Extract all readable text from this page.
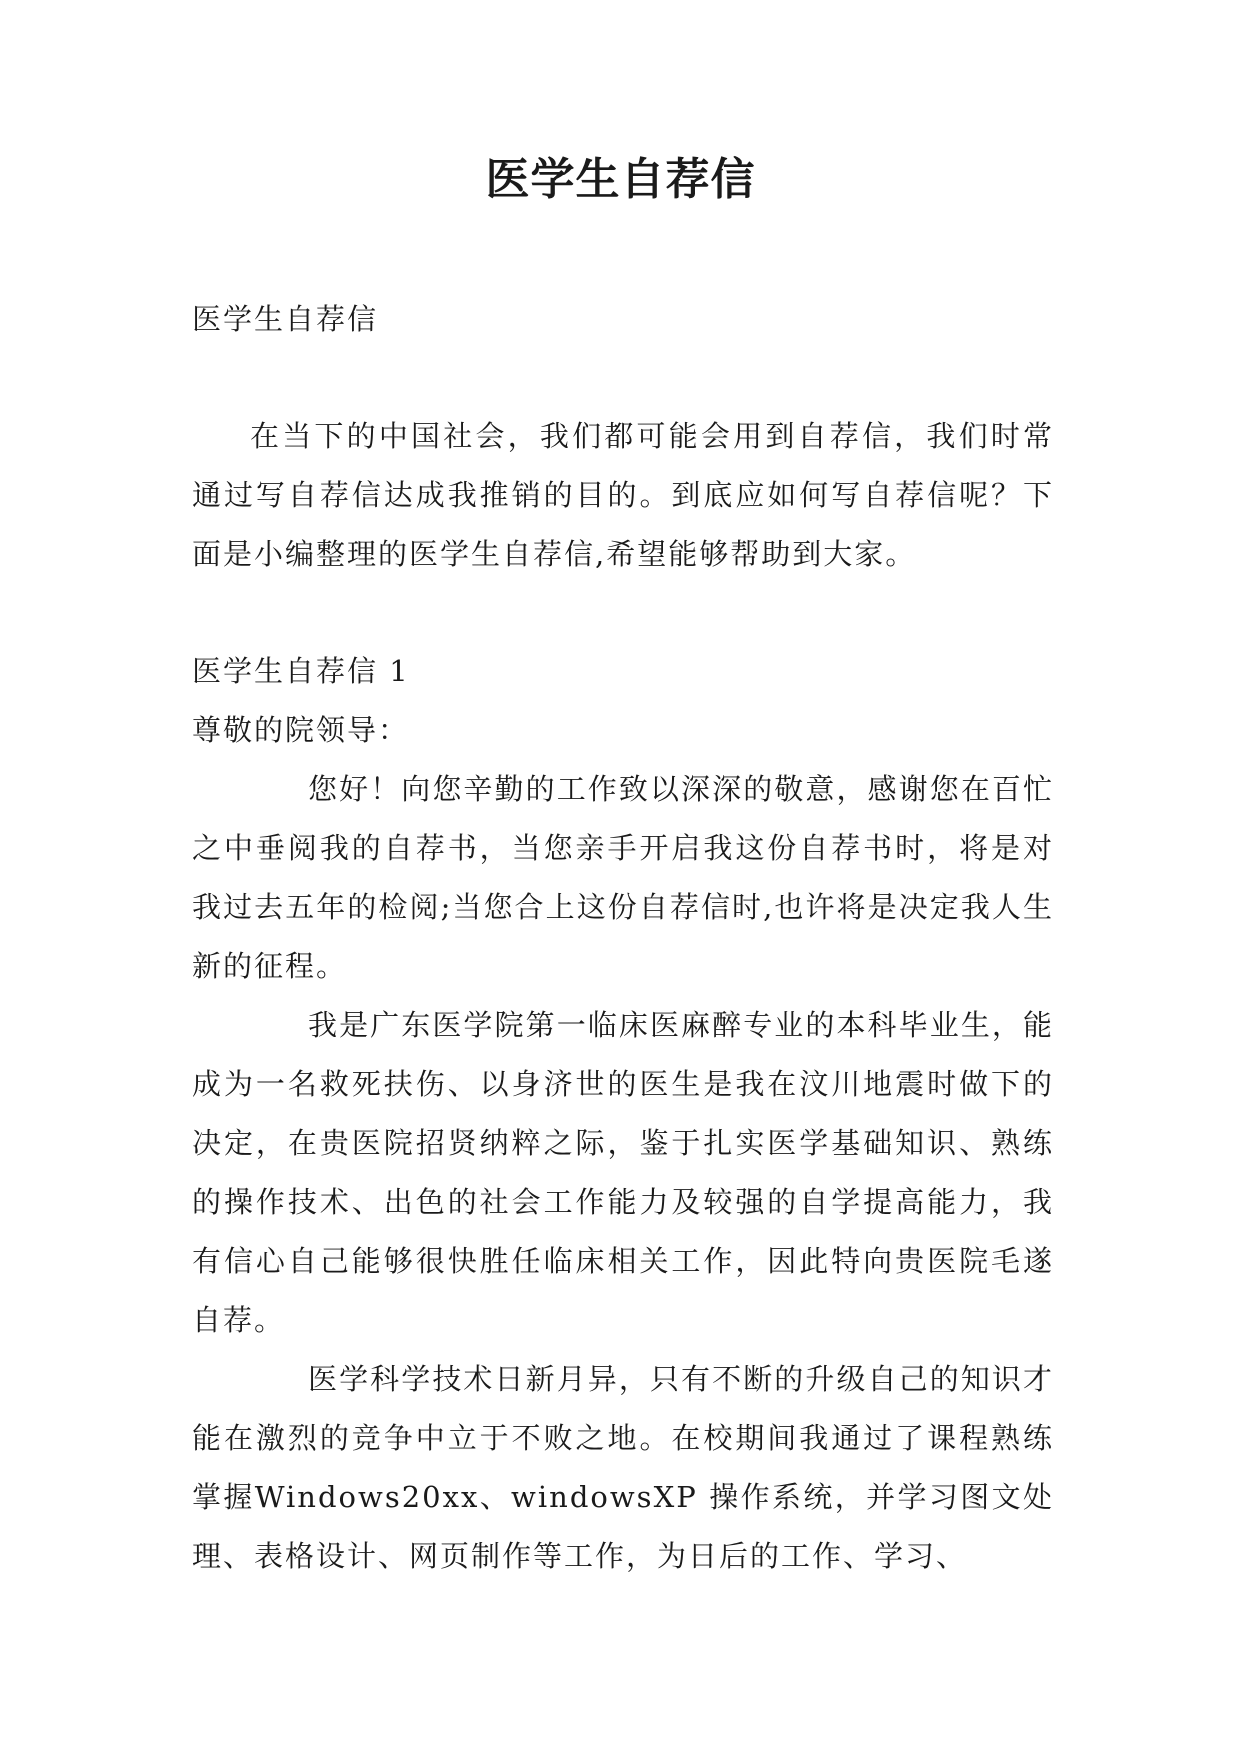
医学生自荐信

医学生自荐信

在当下的中国社会，我们都可能会用到自荐信，我们时常通过写自荐信达成我推销的目的。到底应如何写自荐信呢？下面是小编整理的医学生自荐信,希望能够帮助到大家。

医学生自荐信 1

尊敬的院领导：

您好！向您辛勤的工作致以深深的敬意，感谢您在百忙之中垂阅我的自荐书，当您亲手开启我这份自荐书时，将是对我过去五年的检阅;当您合上这份自荐信时,也许将是决定我人生新的征程。

我是广东医学院第一临床医麻醉专业的本科毕业生，能成为一名救死扶伤、以身济世的医生是我在汶川地震时做下的决定，在贵医院招贤纳粹之际，鉴于扎实医学基础知识、熟练的操作技术、出色的社会工作能力及较强的自学提高能力，我有信心自己能够很快胜任临床相关工作，因此特向贵医院毛遂自荐。

医学科学技术日新月异，只有不断的升级自己的知识才能在激烈的竞争中立于不败之地。在校期间我通过了课程熟练掌握Windows20xx、windowsXP 操作系统，并学习图文处理、表格设计、网页制作等工作，为日后的工作、学习、
